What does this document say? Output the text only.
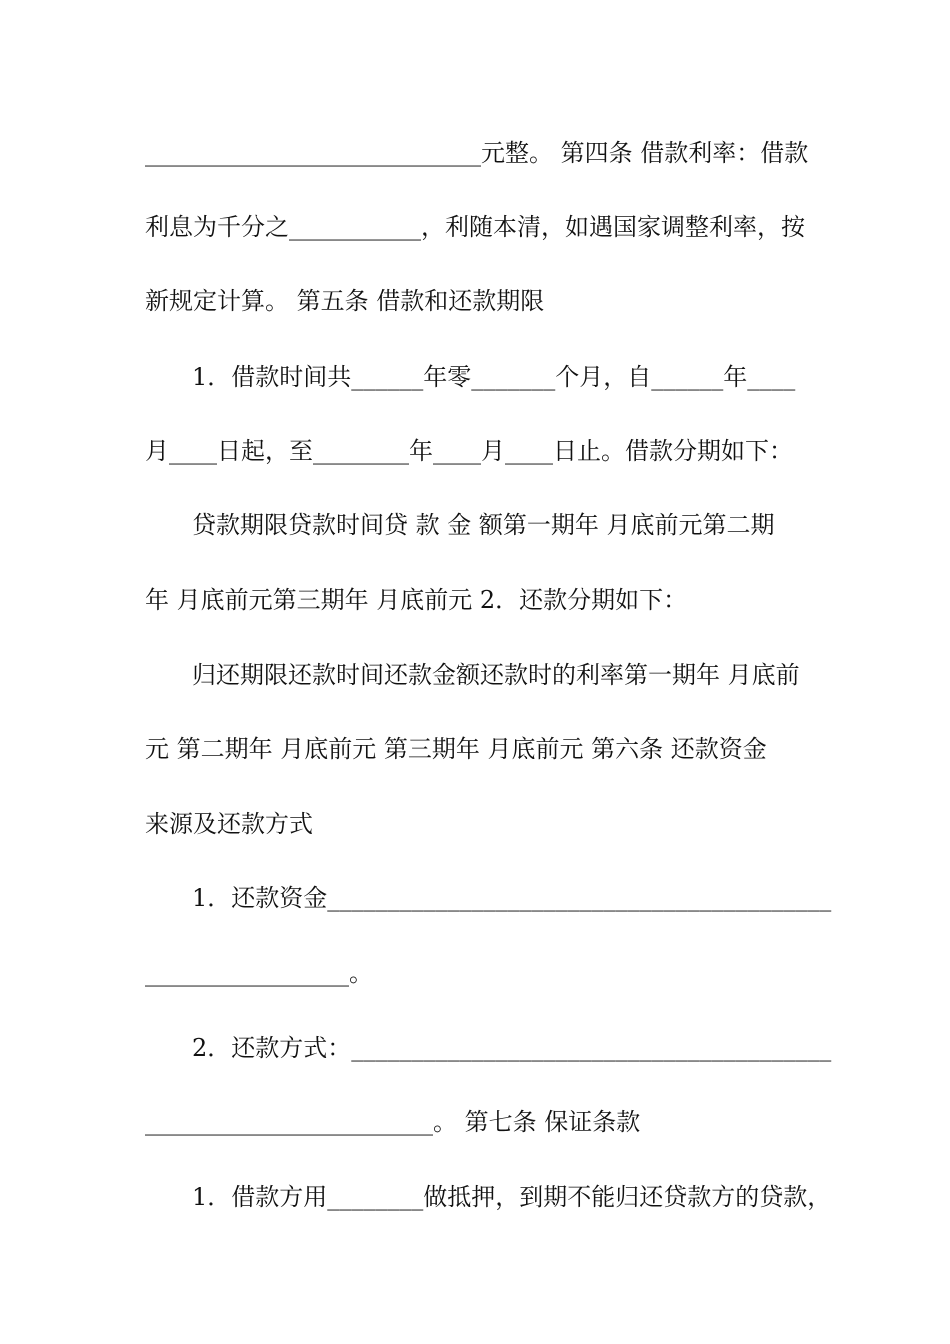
____________________________元整。 第四条 借款利率：借款
利息为千分之___________，利随本清，如遇国家调整利率，按
新规定计算。 第五条 借款和还款期限
1．借款时间共______年零_______个月，自______年____
月____日起，至________年____月____日止。借款分期如下：
贷款期限贷款时间贷 款 金 额第一期年 月底前元第二期
年 月底前元第三期年 月底前元 2．还款分期如下：
归还期限还款时间还款金额还款时的利率第一期年 月底前
元 第二期年 月底前元 第三期年 月底前元 第六条 还款资金
来源及还款方式
1．还款资金__________________________________________
_________________。
2．还款方式：________________________________________
________________________。 第七条 保证条款
1．借款方用________做抵押，到期不能归还贷款方的贷款，
